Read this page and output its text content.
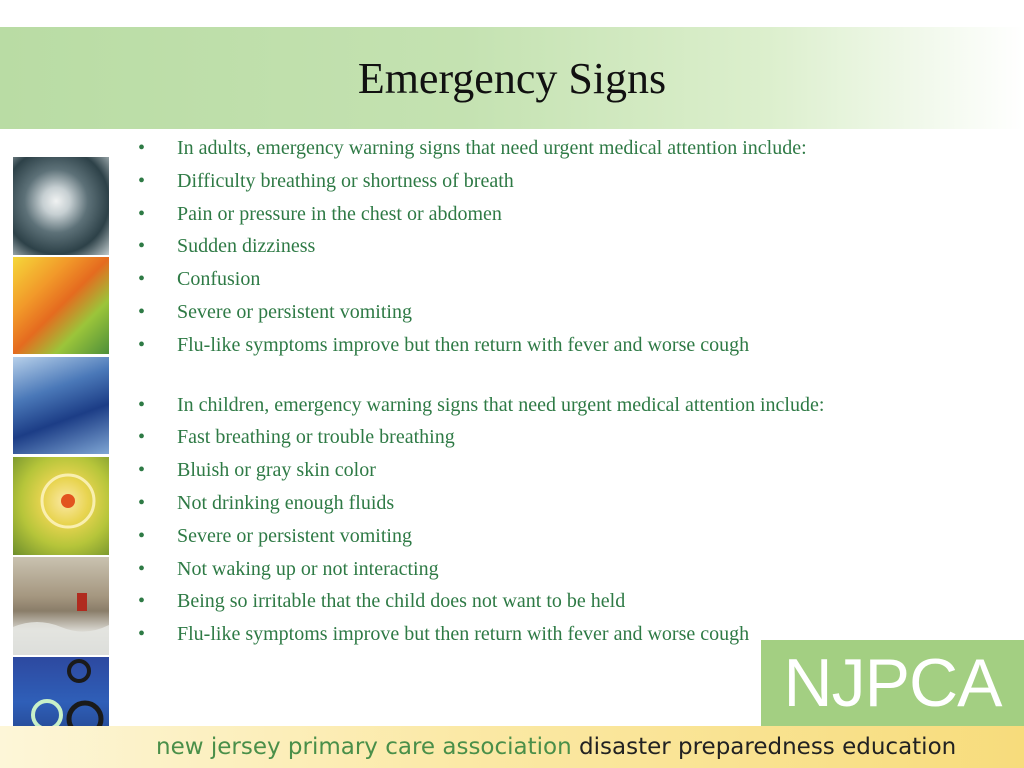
Emergency Signs
• In adults, emergency warning signs that need urgent medical attention include:
• Difficulty breathing or shortness of breath
• Pain or pressure in the chest or abdomen
• Sudden dizziness
• Confusion
• Severe or persistent vomiting
• Flu-like symptoms improve but then return with fever and worse cough
• In children, emergency warning signs that need urgent medical attention include:
• Fast breathing or trouble breathing
• Bluish or gray skin color
• Not drinking enough fluids
• Severe or persistent vomiting
• Not waking up or not interacting
• Being so irritable that the child does not want to be held
• Flu-like symptoms improve but then return with fever and worse cough
NJPCA
new jersey primary care association disaster preparedness education
